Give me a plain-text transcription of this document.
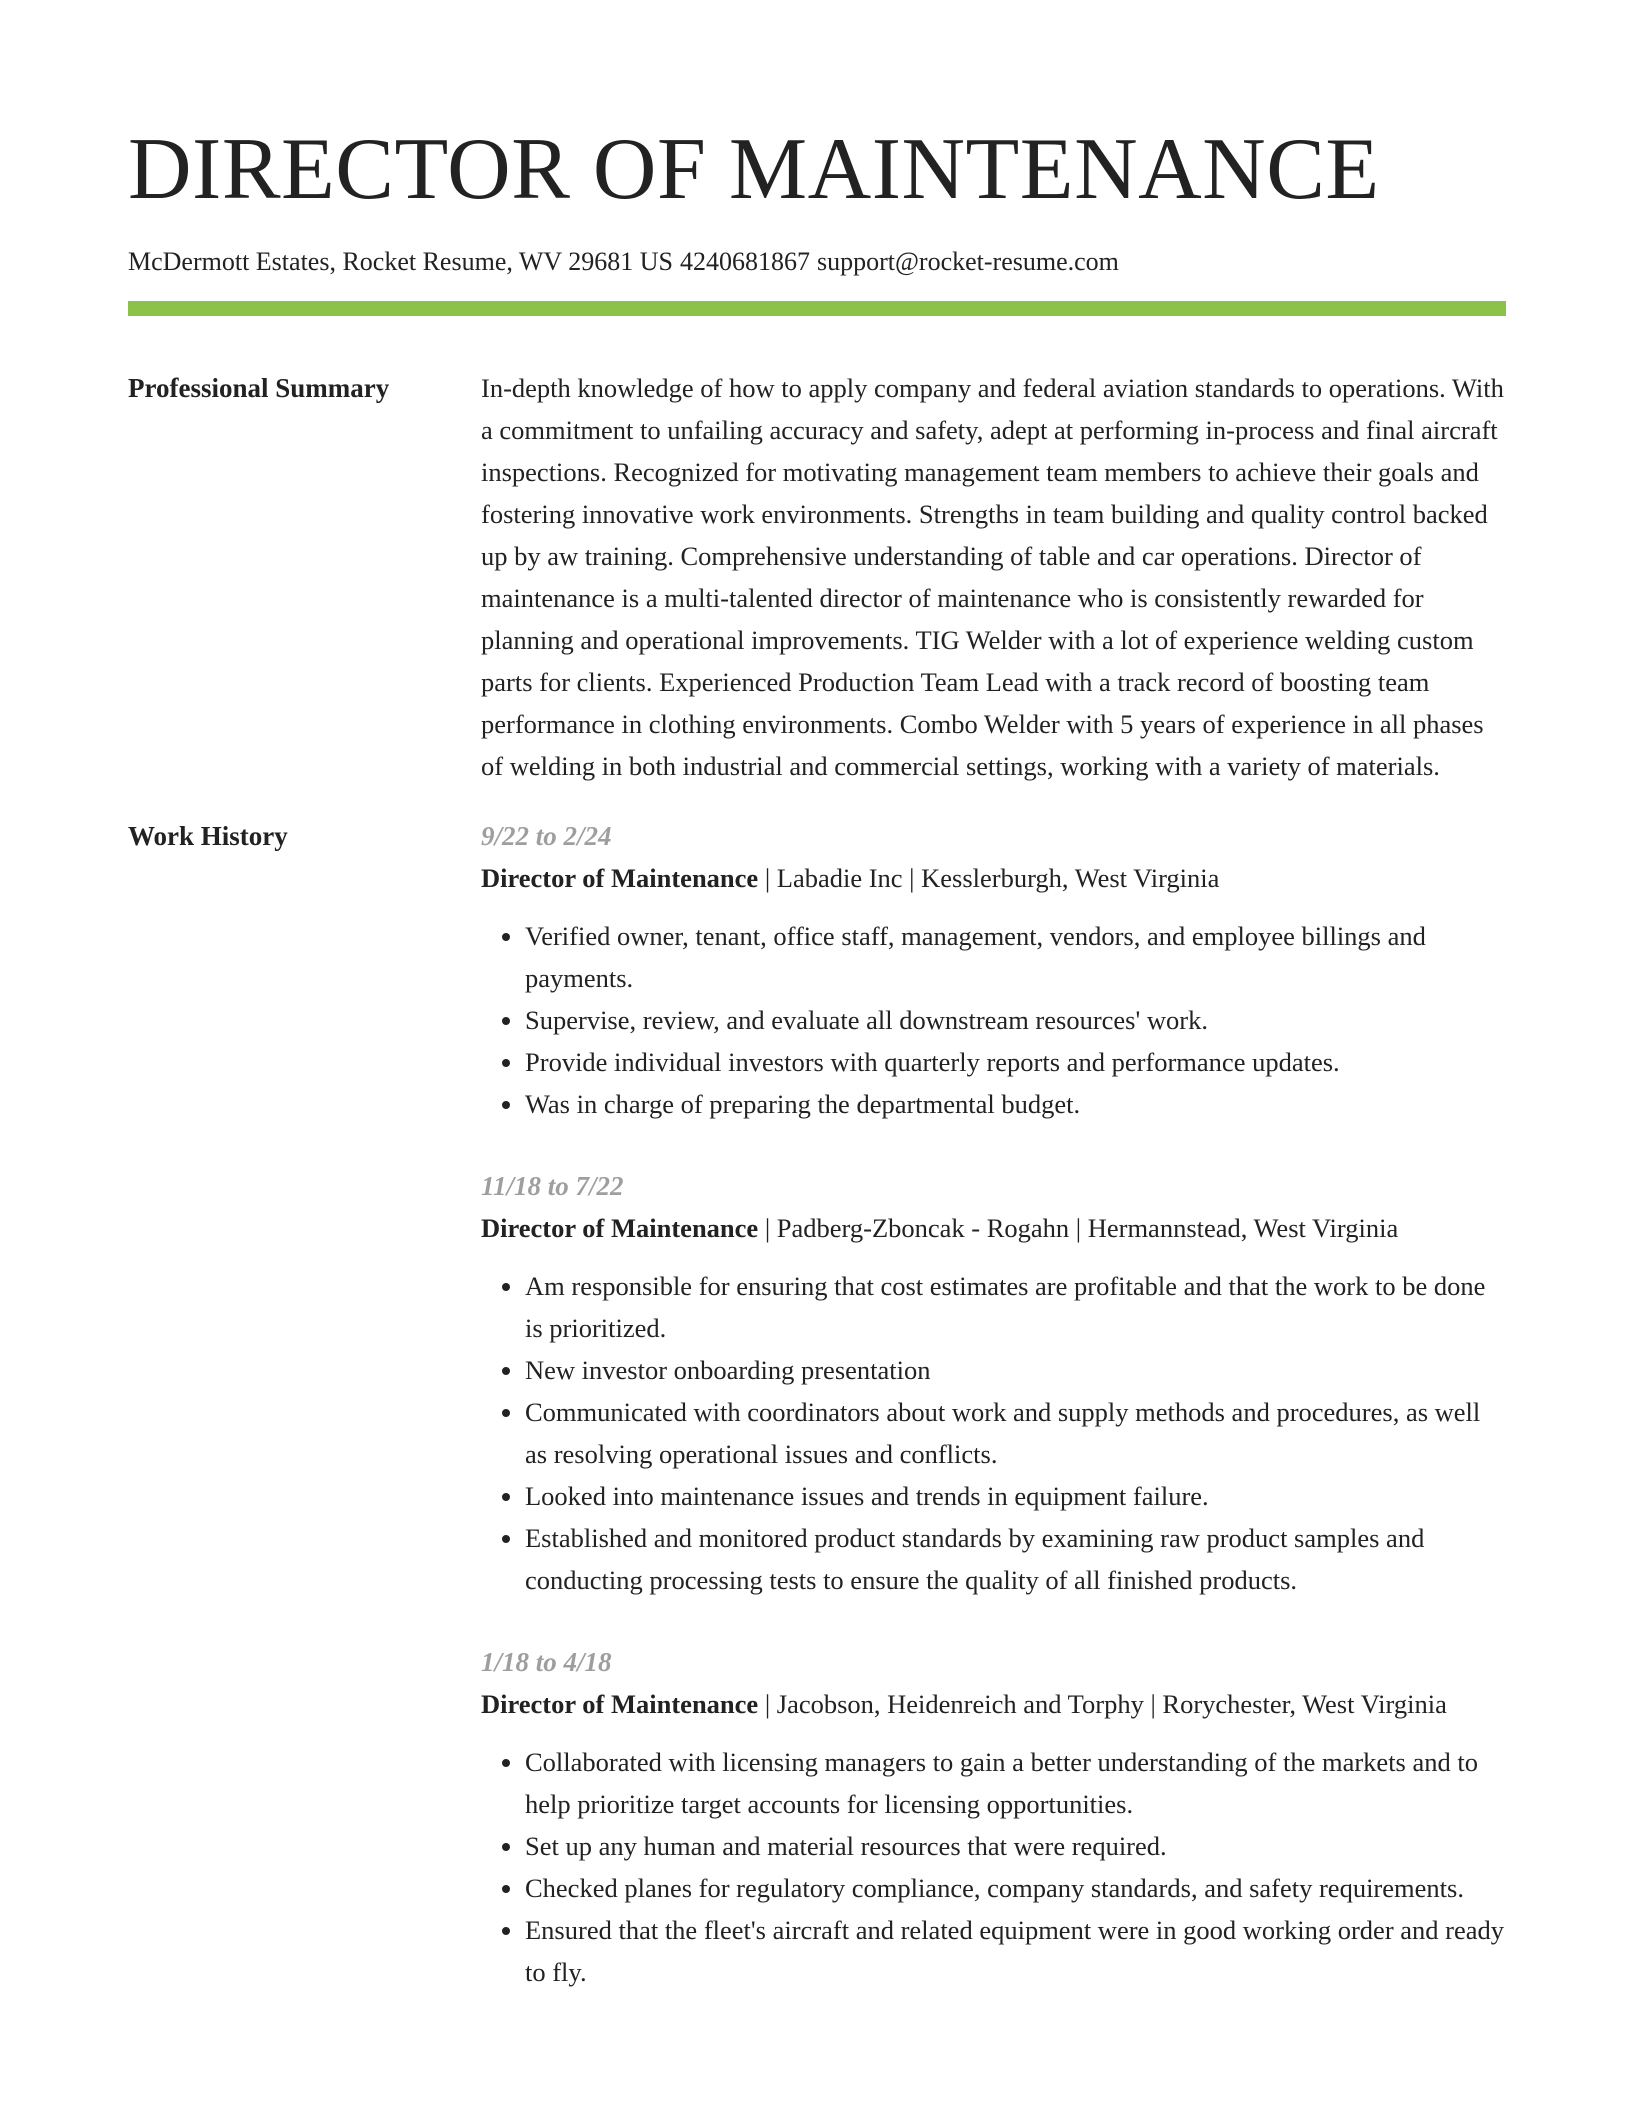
DIRECTOR OF MAINTENANCE
McDermott Estates, Rocket Resume, WV 29681 US 4240681867 support@rocket-resume.com
Professional Summary	In-depth knowledge of how to apply company and federal aviation standards to operations. With a commitment to unfailing accuracy and safety, adept at performing in-process and final aircraft inspections. Recognized for motivating management team members to achieve their goals and fostering innovative work environments. Strengths in team building and quality control backed up by aw training. Comprehensive understanding of table and car operations. Director of maintenance is a multi-talented director of maintenance who is consistently rewarded for planning and operational improvements. TIG Welder with a lot of experience welding custom parts for clients. Experienced Production Team Lead with a track record of boosting team performance in clothing environments. Combo Welder with 5 years of experience in all phases of welding in both industrial and commercial settings, working with a variety of materials.

Work History	9/22 to 2/24
Director of Maintenance | Labadie Inc | Kesslerburgh, West Virginia
• Verified owner, tenant, office staff, management, vendors, and employee billings and payments.
• Supervise, review, and evaluate all downstream resources' work.
• Provide individual investors with quarterly reports and performance updates.
• Was in charge of preparing the departmental budget.
11/18 to 7/22
Director of Maintenance | Padberg-Zboncak - Rogahn | Hermannstead, West Virginia
• Am responsible for ensuring that cost estimates are profitable and that the work to be done is prioritized.
• New investor onboarding presentation
• Communicated with coordinators about work and supply methods and procedures, as well as resolving operational issues and conflicts.
• Looked into maintenance issues and trends in equipment failure.
• Established and monitored product standards by examining raw product samples and conducting processing tests to ensure the quality of all finished products.
1/18 to 4/18
Director of Maintenance | Jacobson, Heidenreich and Torphy | Rorychester, West Virginia
• Collaborated with licensing managers to gain a better understanding of the markets and to help prioritize target accounts for licensing opportunities.
• Set up any human and material resources that were required.
• Checked planes for regulatory compliance, company standards, and safety requirements.
• Ensured that the fleet's aircraft and related equipment were in good working order and ready to fly.
